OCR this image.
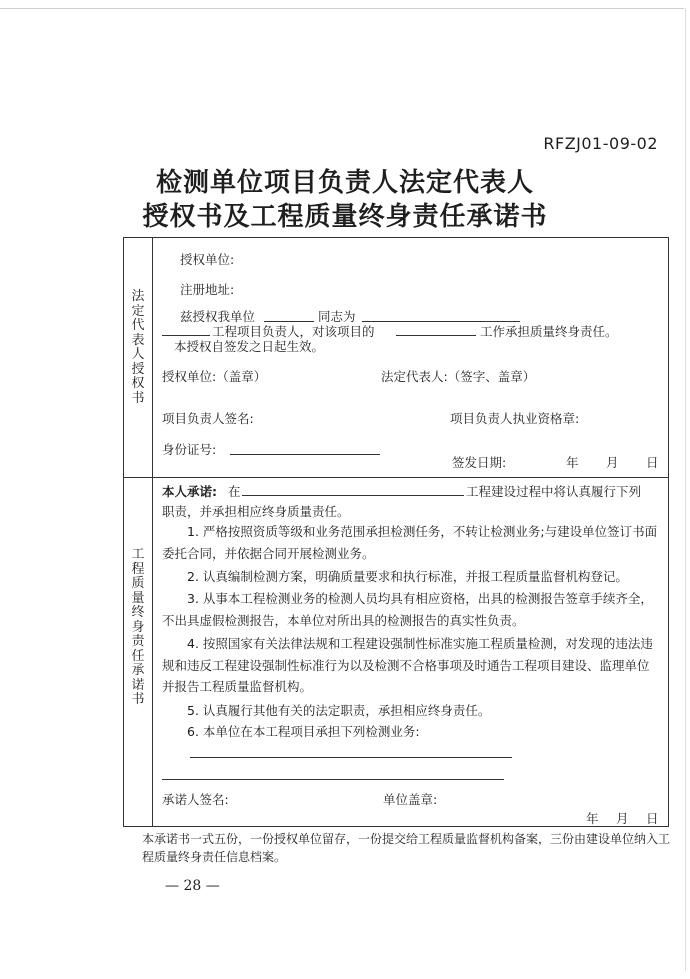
RFZJ01-09-02
检测单位项目负责人法定代表人
授权书及工程质量终身责任承诺书
法定代表人授权书
工程质量终身责任承诺书
授权单位:
注册地址:
兹授权我单位	同志为
工程项目负责人，对该项目的	工作承担质量终身责任。
本授权自签发之日起生效。
授权单位:（盖章）	法定代表人:（签字、盖章）
项目负责人签名:	项目负责人执业资格章:
身份证号:
签发日期:	年 月 日
本人承诺: 在	工程建设过程中将认真履行下列
职责，并承担相应终身质量责任。
1. 严格按照资质等级和业务范围承担检测任务，不转让检测业务;与建设单位签订书面委托合同，并依据合同开展检测业务。
2. 认真编制检测方案，明确质量要求和执行标准，并报工程质量监督机构登记。
3. 从事本工程检测业务的检测人员均具有相应资格，出具的检测报告签章手续齐全，不出具虚假检测报告，本单位对所出具的检测报告的真实性负责。
4. 按照国家有关法律法规和工程建设强制性标准实施工程质量检测，对发现的违法违规和违反工程建设强制性标准行为以及检测不合格事项及时通告工程项目建设、监理单位并报告工程质量监督机构。
5. 认真履行其他有关的法定职责，承担相应终身责任。
6. 本单位在本工程项目承担下列检测业务:
承诺人签名:	单位盖章:
年 月 日
本承诺书一式五份，一份授权单位留存，一份提交给工程质量监督机构备案，三份由建设单位纳入工程质量终身责任信息档案。
— 28 —
